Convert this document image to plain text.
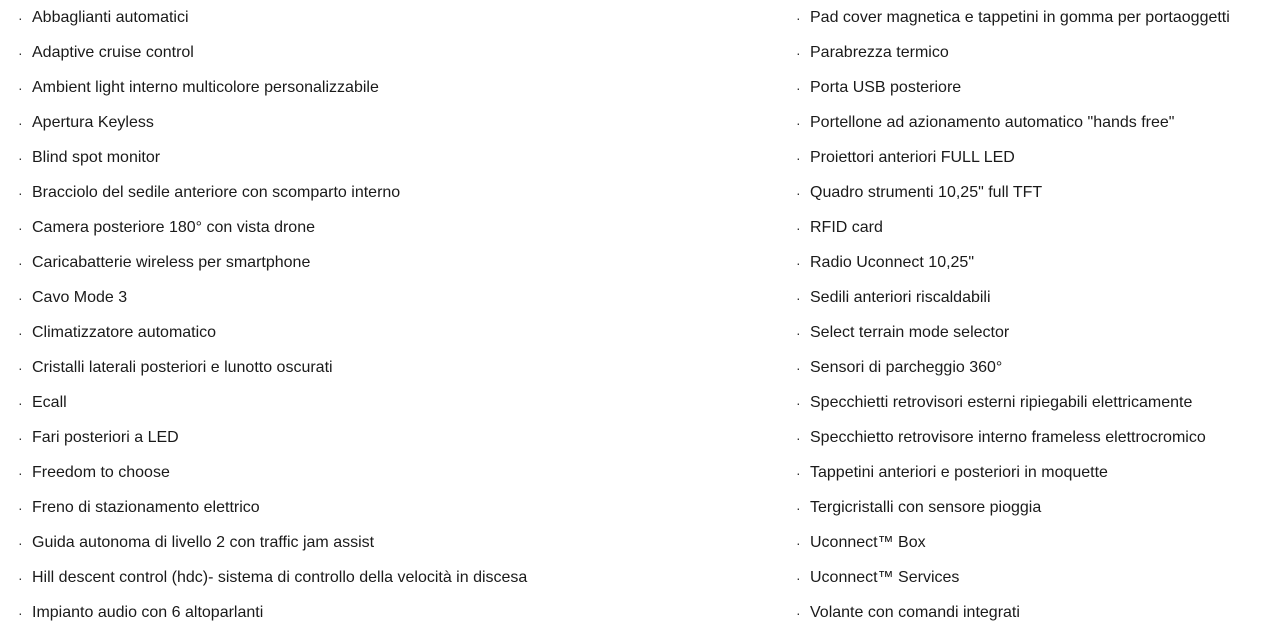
· Abbaglianti automatici
· Adaptive cruise control
· Ambient light interno multicolore personalizzabile
· Apertura Keyless
· Blind spot monitor
· Bracciolo del sedile anteriore con scomparto interno
· Camera posteriore 180° con vista drone
· Caricabatterie wireless per smartphone
· Cavo Mode 3
· Climatizzatore automatico
· Cristalli laterali posteriori e lunotto oscurati
· Ecall
· Fari posteriori a LED
· Freedom to choose
· Freno di stazionamento elettrico
· Guida autonoma di livello 2 con traffic jam assist
· Hill descent control (hdc)- sistema di controllo della velocità in discesa
· Impianto audio con 6 altoparlanti
· Pad cover magnetica e tappetini in gomma per portaoggetti
· Parabrezza termico
· Porta USB posteriore
· Portellone ad azionamento automatico "hands free"
· Proiettori anteriori FULL LED
· Quadro strumenti 10,25" full TFT
· RFID card
· Radio Uconnect 10,25"
· Sedili anteriori riscaldabili
· Select terrain mode selector
· Sensori di parcheggio 360°
· Specchietti retrovisori esterni ripiegabili elettricamente
· Specchietto retrovisore interno frameless elettrocromico
· Tappetini anteriori e posteriori in moquette
· Tergicristalli con sensore pioggia
· Uconnect™ Box
· Uconnect™ Services
· Volante con comandi integrati
